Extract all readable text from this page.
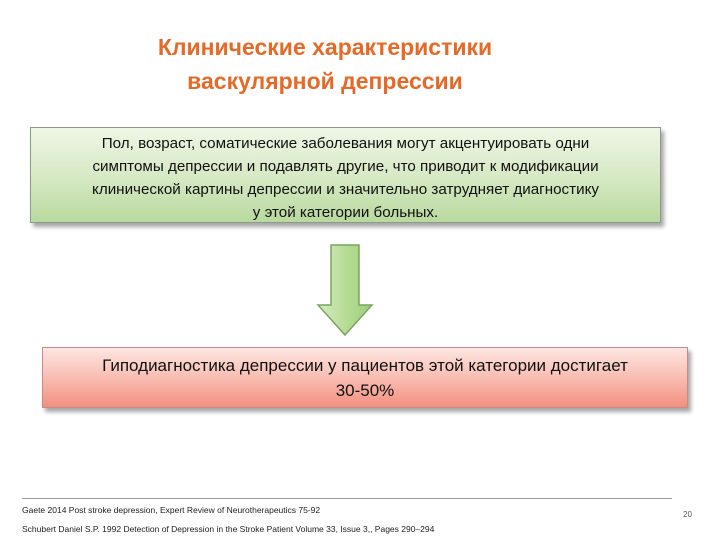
Клинические характеристики
васкулярной депрессии
Пол, возраст, соматические заболевания могут акцентуировать одни
симптомы депрессии и подавлять другие, что приводит к модификации
клинической картины депрессии и значительно затрудняет диагностику
у этой категории больных.
Гиподиагностика депрессии у пациентов этой категории достигает
30-50%
Gaete 2014 Post stroke depression, Expert Review of Neurotherapeutics 75-92
Schubert Daniel S.P. 1992 Detection of Depression in the Stroke Patient Volume 33, Issue 3,, Pages 290–294
20
